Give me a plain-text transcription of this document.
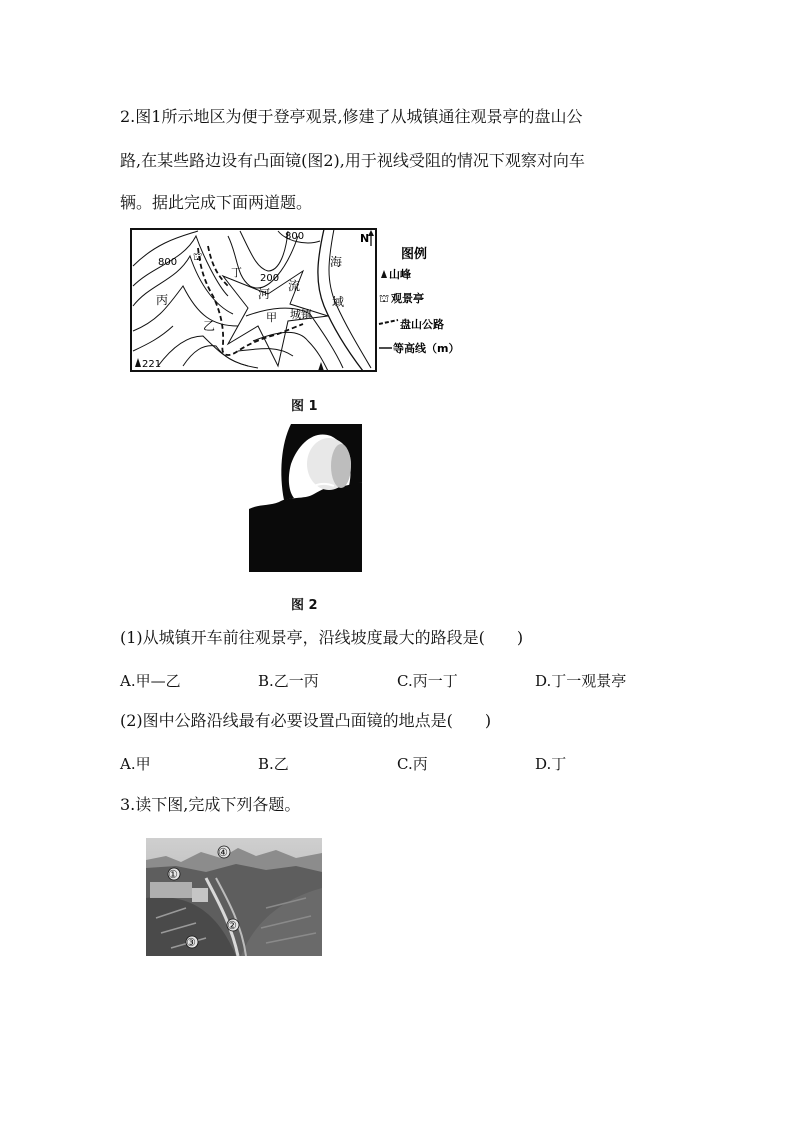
2.图1所示地区为便于登亭观景,修建了从城镇通往观景亭的盘山公
路,在某些路边设有凸面镜(图2),用于视线受阻的情况下观察对向车
辆。据此完成下面两道题。
N
⛫
800
800
200
丁
海
域
河
流
丙
甲 城镇
乙
221
图例
山峰
⛫ 观景亭
盘山公路
等高线（m）
图 1
图 2
(1)从城镇开车前往观景亭，沿线坡度最大的路段是(　　)
A.甲—乙	B.乙一丙	C.丙一丁	D.丁一观景亭
(2)图中公路沿线最有必要设置凸面镜的地点是(　　)
A.甲	B.乙	C.丙	D.丁
3.读下图,完成下列各题。
④
①
②
③
